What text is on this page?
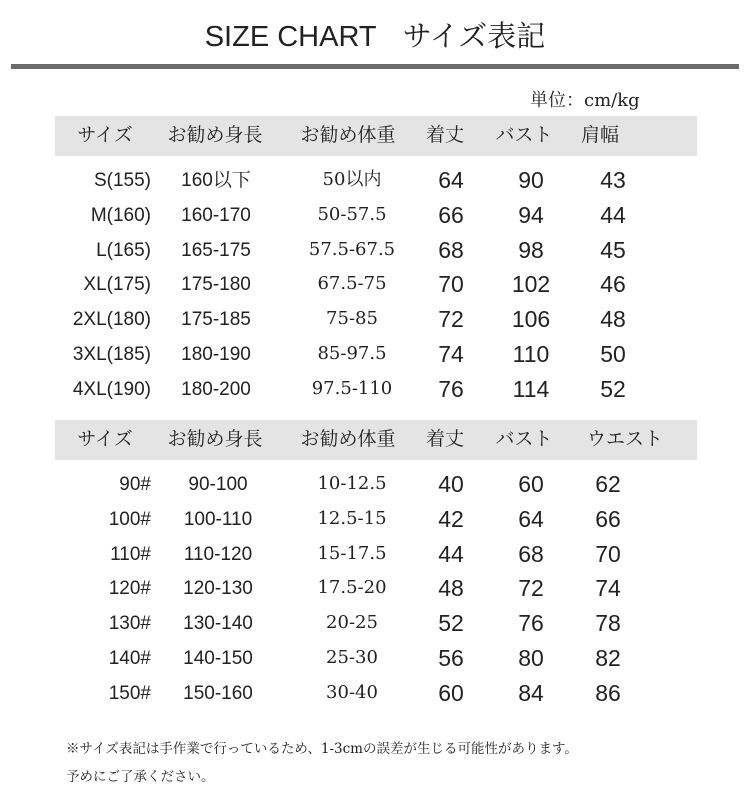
SIZE CHART サイズ表記
単位：cm/kg
サイズ お勧め身長 お勧め体重 着丈 バスト 肩幅
S(155) 160以下	50以内 64 90 43
M(160) 160-170	50-57.5 66 94 44
L(165) 165-175	57.5-67.5 68 98 45
XL(175) 175-180	67.5-75 70 102 46
2XL(180) 175-185	75-85	72 106 48
3XL(185) 180-190	85-97.5 74 110 50
4XL(190) 180-200	97.5-110 76 114 52
サイズ お勧め身長 お勧め体重 着丈 バスト ウエスト
90# 90-100	10-12.5 40 60 62
100# 100-110	12.5-15 42 64 66
110# 110-120	15-17.5 44 68 70
120# 120-130	17.5-20 48 72 74
130# 130-140	20-25	52 76 78
140# 140-150	25-30	56 80 82
150# 150-160	30-40	60 84 86
※サイズ表記は手作業で行っているため、1-3cmの誤差が生じる可能性があります。
予めにご了承ください。
